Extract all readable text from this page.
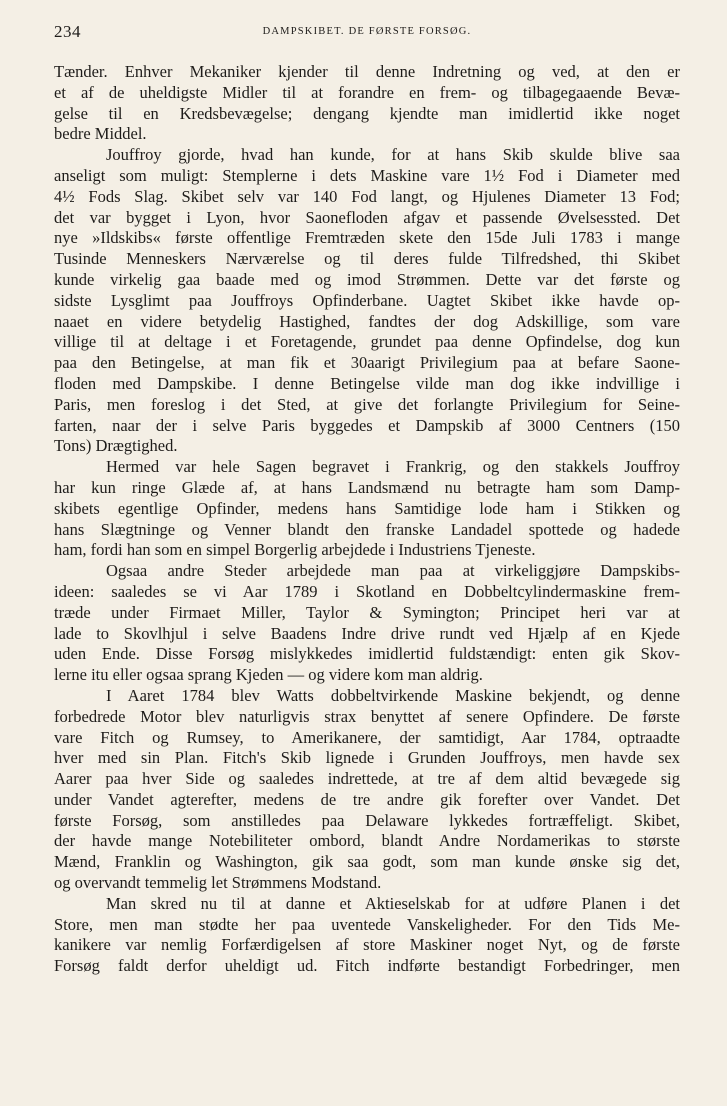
234	DAMPSKIBET. DE FØRSTE FORSØG.
Tænder. Enhver Mekaniker kjender til denne Indretning og ved, at den er
et af de uheldigste Midler til at forandre en frem- og tilbagegaaende Bevæ-
gelse til en Kredsbevægelse; dengang kjendte man imidlertid ikke noget
bedre Middel.
Jouffroy gjorde, hvad han kunde, for at hans Skib skulde blive saa
anseligt som muligt: Stemplerne i dets Maskine vare 1½ Fod i Diameter med
4½ Fods Slag. Skibet selv var 140 Fod langt, og Hjulenes Diameter 13 Fod;
det var bygget i Lyon, hvor Saonefloden afgav et passende Øvelsessted. Det
nye »Ildskibs« første offentlige Fremtræden skete den 15de Juli 1783 i mange
Tusinde Menneskers Nærværelse og til deres fulde Tilfredshed, thi Skibet
kunde virkelig gaa baade med og imod Strømmen. Dette var det første og
sidste Lysglimt paa Jouffroys Opfinderbane. Uagtet Skibet ikke havde op-
naaet en videre betydelig Hastighed, fandtes der dog Adskillige, som vare
villige til at deltage i et Foretagende, grundet paa denne Opfindelse, dog kun
paa den Betingelse, at man fik et 30aarigt Privilegium paa at befare Saone-
floden med Dampskibe. I denne Betingelse vilde man dog ikke indvillige i
Paris, men foreslog i det Sted, at give det forlangte Privilegium for Seine-
farten, naar der i selve Paris byggedes et Dampskib af 3000 Centners (150
Tons) Drægtighed.
Hermed var hele Sagen begravet i Frankrig, og den stakkels Jouffroy
har kun ringe Glæde af, at hans Landsmænd nu betragte ham som Damp-
skibets egentlige Opfinder, medens hans Samtidige lode ham i Stikken og
hans Slægtninge og Venner blandt den franske Landadel spottede og hadede
ham, fordi han som en simpel Borgerlig arbejdede i Industriens Tjeneste.
Ogsaa andre Steder arbejdede man paa at virkeliggjøre Dampskibs-
ideen: saaledes se vi Aar 1789 i Skotland en Dobbeltcylindermaskine frem-
træde under Firmaet Miller, Taylor & Symington; Principet heri var at
lade to Skovlhjul i selve Baadens Indre drive rundt ved Hjælp af en Kjede
uden Ende. Disse Forsøg mislykkedes imidlertid fuldstændigt: enten gik Skov-
lerne itu eller ogsaa sprang Kjeden — og videre kom man aldrig.
I Aaret 1784 blev Watts dobbeltvirkende Maskine bekjendt, og denne
forbedrede Motor blev naturligvis strax benyttet af senere Opfindere. De første
vare Fitch og Rumsey, to Amerikanere, der samtidigt, Aar 1784, optraadte
hver med sin Plan. Fitch's Skib lignede i Grunden Jouffroys, men havde sex
Aarer paa hver Side og saaledes indrettede, at tre af dem altid bevægede sig
under Vandet agterefter, medens de tre andre gik forefter over Vandet. Det
første Forsøg, som anstilledes paa Delaware lykkedes fortræffeligt. Skibet,
der havde mange Notebiliteter ombord, blandt Andre Nordamerikas to største
Mænd, Franklin og Washington, gik saa godt, som man kunde ønske sig det,
og overvandt temmelig let Strømmens Modstand.
Man skred nu til at danne et Aktieselskab for at udføre Planen i det
Store, men man stødte her paa uventede Vanskeligheder. For den Tids Me-
kanikere var nemlig Forfærdigelsen af store Maskiner noget Nyt, og de første
Forsøg faldt derfor uheldigt ud. Fitch indførte bestandigt Forbedringer, men
